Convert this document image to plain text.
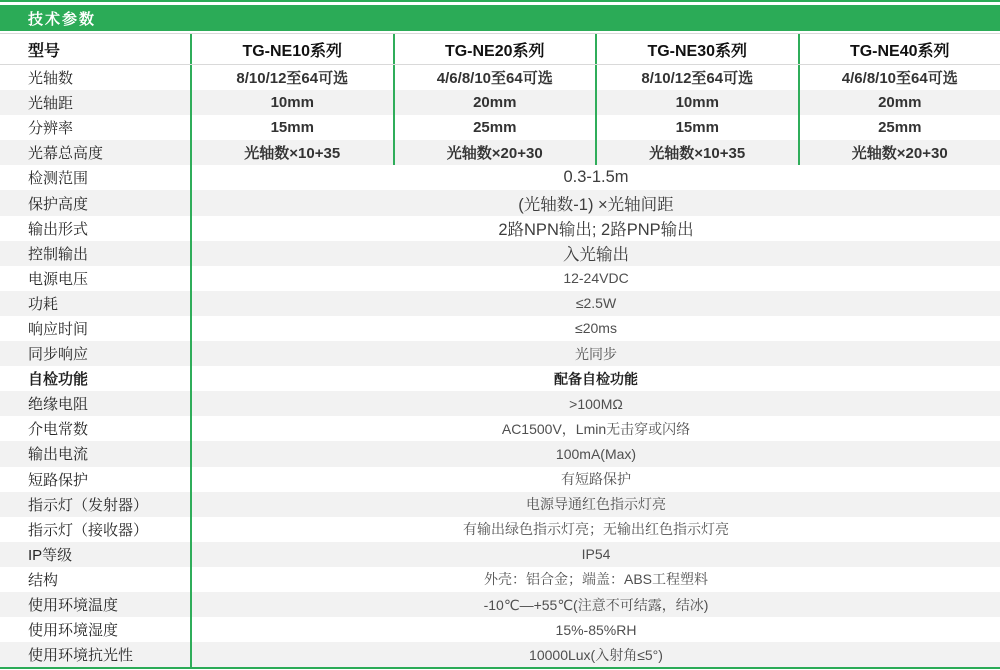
技术参数
型号	TG-NE10系列	TG-NE20系列	TG-NE30系列	TG-NE40系列
光轴数	8/10/12至64可选	4/6/8/10至64可选	8/10/12至64可选	4/6/8/10至64可选
光轴距	10mm	20mm	10mm	20mm
分辨率	15mm	25mm	15mm	25mm
光幕总高度	光轴数×10+35	光轴数×20+30	光轴数×10+35	光轴数×20+30
检测范围	0.3-1.5m
保护高度	(光轴数-1) ×光轴间距
输出形式	2路NPN输出; 2路PNP输出
控制输出	入光输出
电源电压	12-24VDC
功耗	≤2.5W
响应时间	≤20ms
同步响应	光同步
自检功能	配备自检功能
绝缘电阻	>100MΩ
介电常数	AC1500V，Lmin无击穿或闪络
输出电流	100mA(Max)
短路保护	有短路保护
指示灯（发射器）	电源导通红色指示灯亮
指示灯（接收器）	有输出绿色指示灯亮；无输出红色指示灯亮
IP等级	IP54
结构	外壳：铝合金；端盖：ABS工程塑料
使用环境温度	-10℃—+55℃(注意不可结露，结冰)
使用环境湿度	15%-85%RH
使用环境抗光性	10000Lux(入射角≤5°)
